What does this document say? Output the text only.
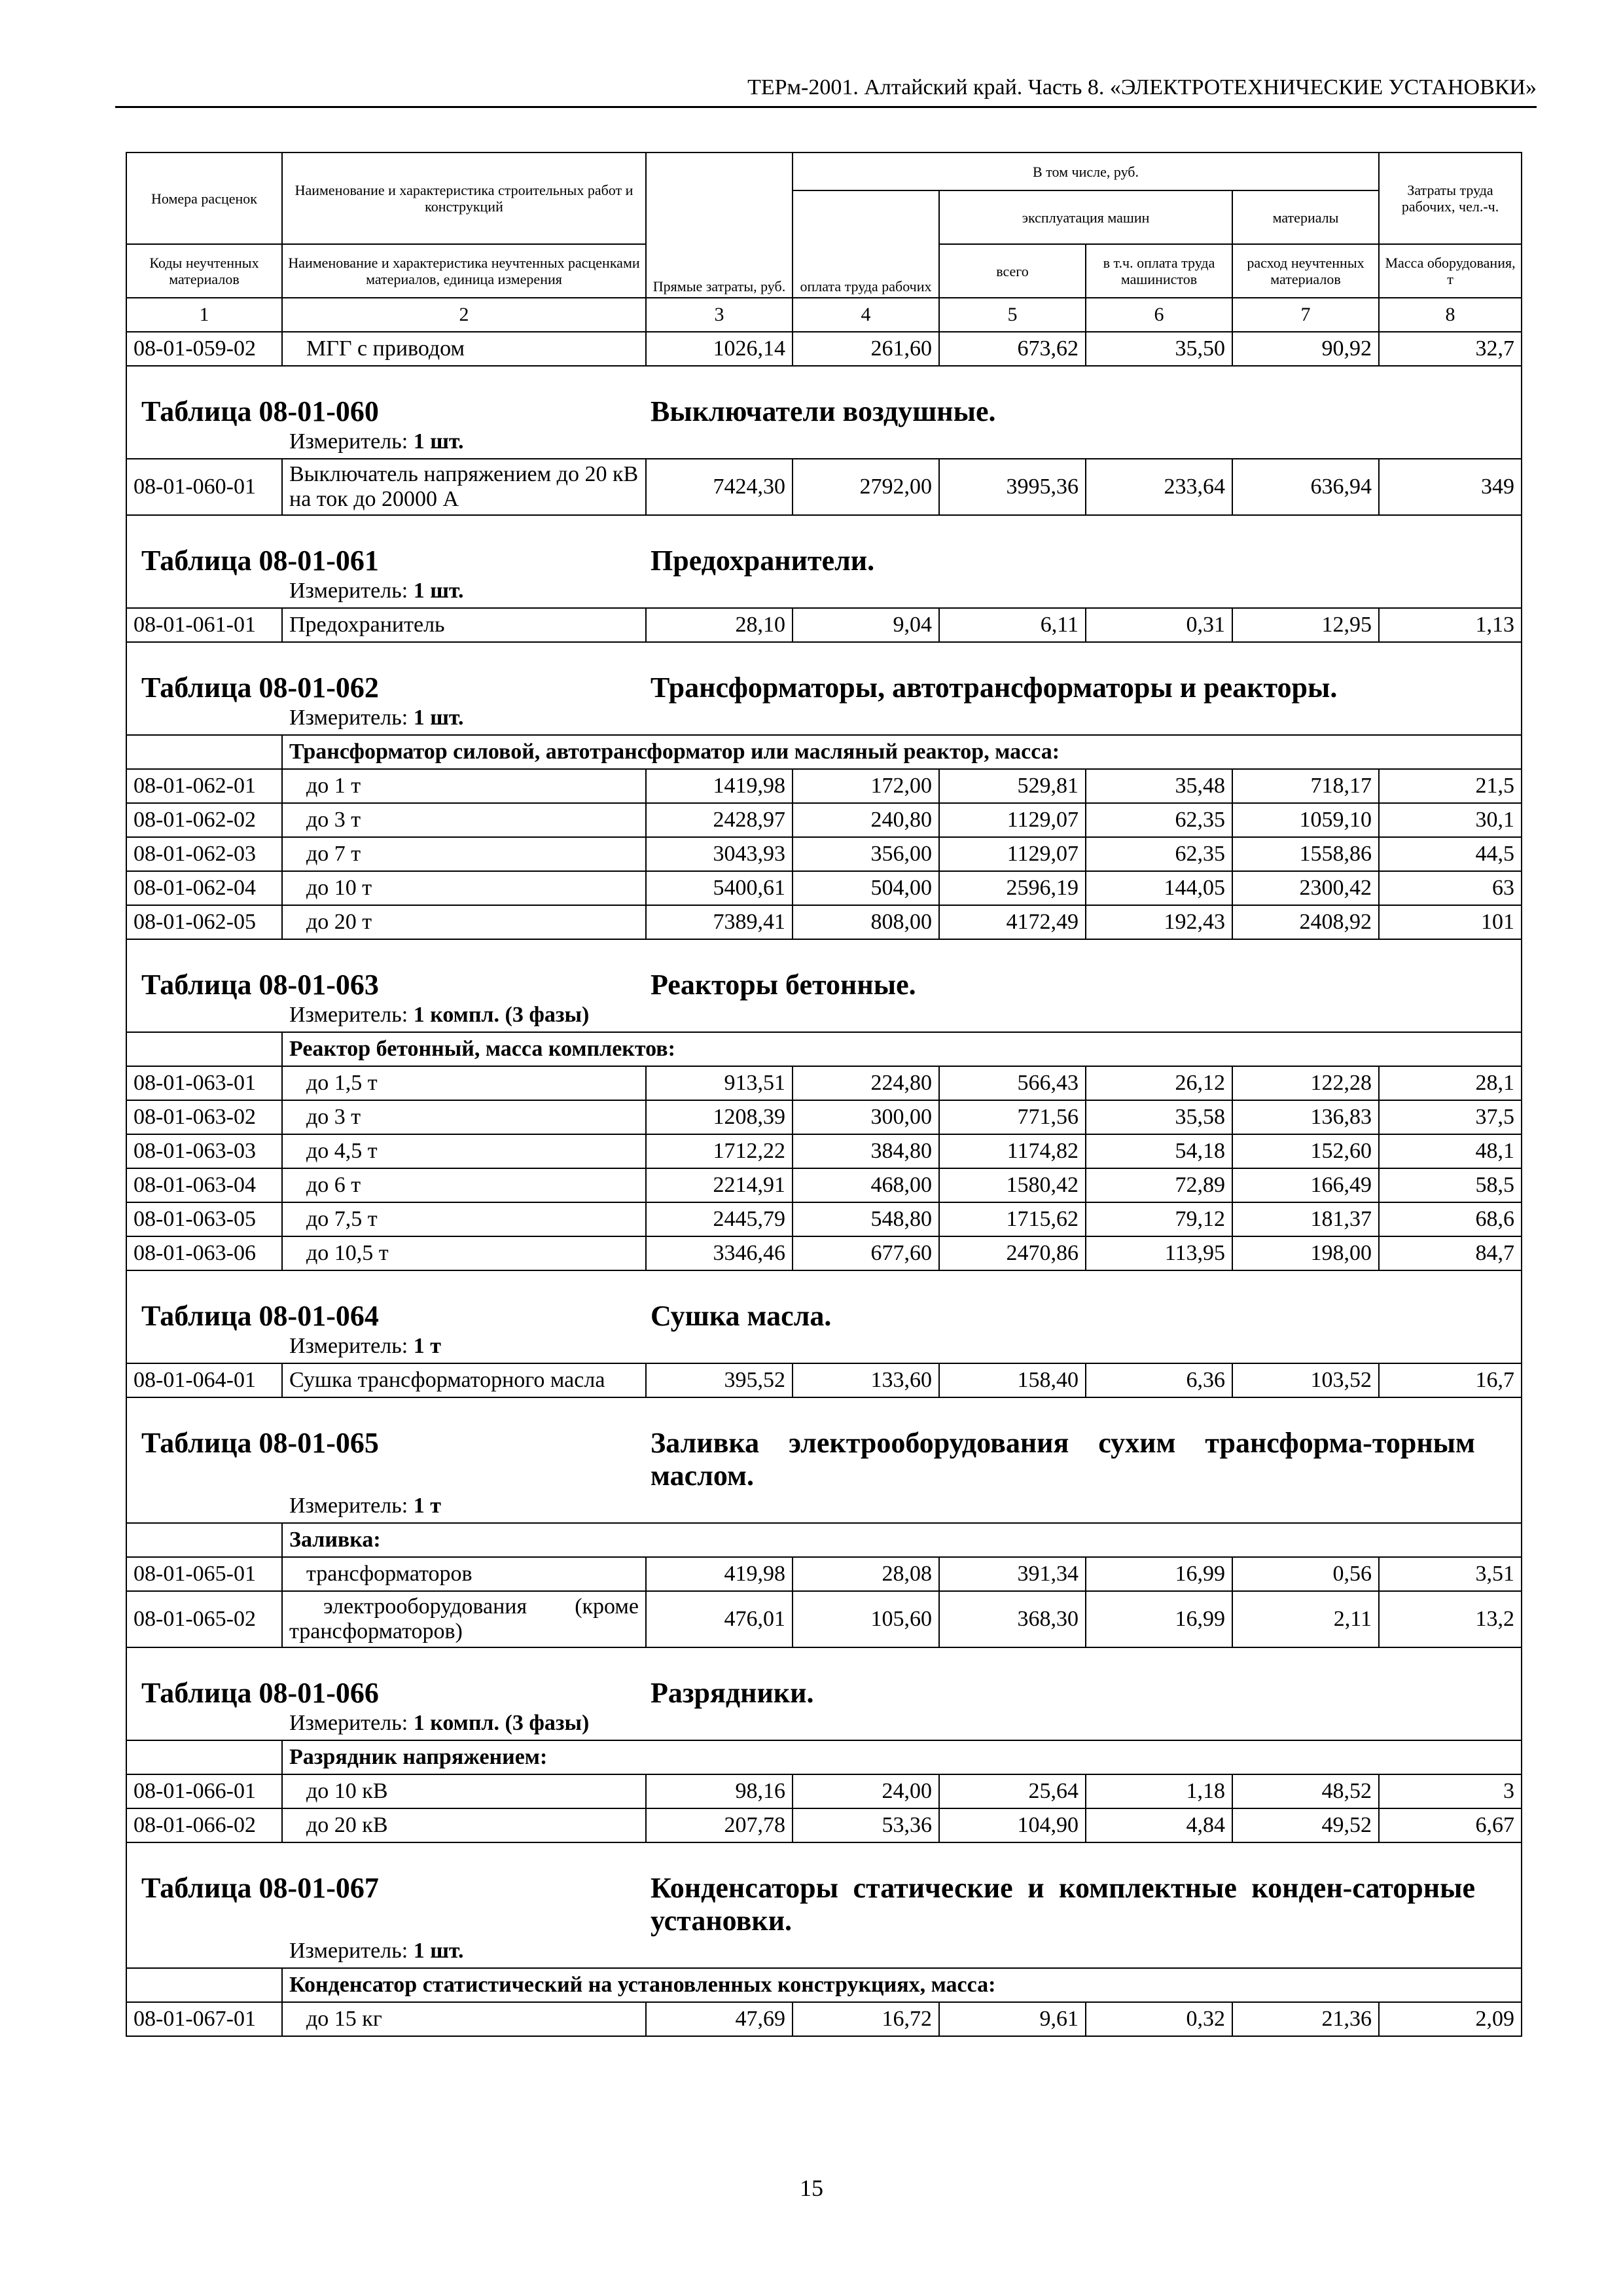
ТЕРм-2001. Алтайский край. Часть 8. «ЭЛЕКТРОТЕХНИЧЕСКИЕ УСТАНОВКИ»
Номера расценок	Наименование и характеристика строительных работ и конструкций	Прямые затраты, руб.	В том числе, руб.				Затраты труда рабочих, чел.-ч.
			оплата труда рабочих	эксплуатация машин		материалы	
Коды неучтенных материалов	Наименование и характеристика неучтенных расценками материалов, единица измерения			всего	в т.ч. оплата труда машинистов	расход неучтенных материалов	Масса оборудования, т
1	2	3	4	5	6	7	8
08-01-059-02	МГГ с приводом	1026,14	261,60	673,62	35,50	90,92	32,7

Таблица 08-01-060 Выключатели воздушные.							

Измеритель: 1 шт.							

08-01-060-01	Выключатель напряжением до 20 кВ на ток до 20000 А	7424,30	2792,00	3995,36	233,64	636,94	349

Таблица 08-01-061 Предохранители.							

Измеритель: 1 шт.							

08-01-061-01	Предохранитель	28,10	9,04	6,11	0,31	12,95	1,13

Таблица 08-01-062 Трансформаторы, автотрансформаторы и реакторы.							

Измеритель: 1 шт.							

	Трансформатор силовой, автотрансформатор или масляный реактор, масса:						
08-01-062-01	до 1 т	1419,98	172,00	529,81	35,48	718,17	21,5
08-01-062-02	до 3 т	2428,97	240,80	1129,07	62,35	1059,10	30,1
08-01-062-03	до 7 т	3043,93	356,00	1129,07	62,35	1558,86	44,5
08-01-062-04	до 10 т	5400,61	504,00	2596,19	144,05	2300,42	63
08-01-062-05	до 20 т	7389,41	808,00	4172,49	192,43	2408,92	101

Таблица 08-01-063 Реакторы бетонные.							

Измеритель: 1 компл. (3 фазы)							

	Реактор бетонный, масса комплектов:						
08-01-063-01	до 1,5 т	913,51	224,80	566,43	26,12	122,28	28,1
08-01-063-02	до 3 т	1208,39	300,00	771,56	35,58	136,83	37,5
08-01-063-03	до 4,5 т	1712,22	384,80	1174,82	54,18	152,60	48,1
08-01-063-04	до 6 т	2214,91	468,00	1580,42	72,89	166,49	58,5
08-01-063-05	до 7,5 т	2445,79	548,80	1715,62	79,12	181,37	68,6
08-01-063-06	до 10,5 т	3346,46	677,60	2470,86	113,95	198,00	84,7

Таблица 08-01-064 Сушка масла.							

Измеритель: 1 т							

08-01-064-01	Сушка трансформаторного масла	395,52	133,60	158,40	6,36	103,52	16,7

Таблица 08-01-065 Заливка электрооборудования сухим трансформа-торным маслом.							

Измеритель: 1 т							

	Заливка:						
08-01-065-01	трансформаторов	419,98	28,08	391,34	16,99	0,56	3,51
08-01-065-02	электрооборудования (кроме трансформаторов)	476,01	105,60	368,30	16,99	2,11	13,2

Таблица 08-01-066 Разрядники.							

Измеритель: 1 компл. (3 фазы)							

	Разрядник напряжением:						
08-01-066-01	до 10 кВ	98,16	24,00	25,64	1,18	48,52	3
08-01-066-02	до 20 кВ	207,78	53,36	104,90	4,84	49,52	6,67

Таблица 08-01-067 Конденсаторы статические и комплектные конден-саторные установки.							

Измеритель: 1 шт.							

	Конденсатор статистический на установленных конструкциях, масса:						
08-01-067-01	до 15 кг	47,69	16,72	9,61	0,32	21,36	2,09
15
